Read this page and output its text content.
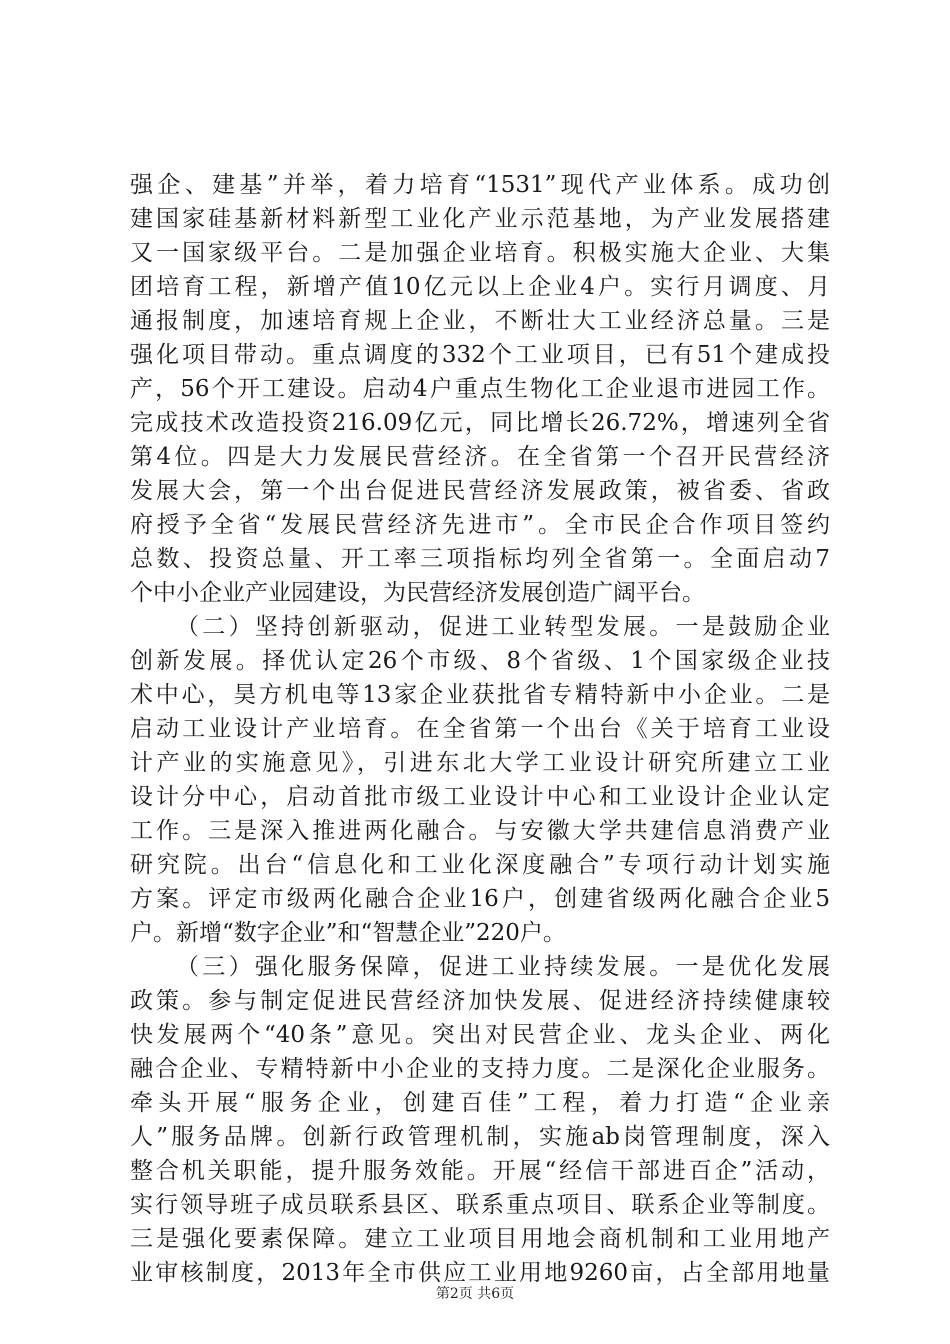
强企、建基”并举，着力培育“1531”现代产业体系。成功创
建国家硅基新材料新型工业化产业示范基地，为产业发展搭建
又一国家级平台。二是加强企业培育。积极实施大企业、大集
团培育工程，新增产值10亿元以上企业4户。实行月调度、月
通报制度，加速培育规上企业，不断壮大工业经济总量。三是
强化项目带动。重点调度的332个工业项目，已有51个建成投
产，56个开工建设。启动4户重点生物化工企业退市进园工作。
完成技术改造投资216.09亿元，同比增长26.72%，增速列全省
第4位。四是大力发展民营经济。在全省第一个召开民营经济
发展大会，第一个出台促进民营经济发展政策，被省委、省政
府授予全省“发展民营经济先进市”。全市民企合作项目签约
总数、投资总量、开工率三项指标均列全省第一。全面启动7
个中小企业产业园建设，为民营经济发展创造广阔平台。
（二）坚持创新驱动，促进工业转型发展。一是鼓励企业
创新发展。择优认定26个市级、8个省级、1个国家级企业技
术中心，昊方机电等13家企业获批省专精特新中小企业。二是
启动工业设计产业培育。在全省第一个出台《关于培育工业设
计产业的实施意见》，引进东北大学工业设计研究所建立工业
设计分中心，启动首批市级工业设计中心和工业设计企业认定
工作。三是深入推进两化融合。与安徽大学共建信息消费产业
研究院。出台“信息化和工业化深度融合”专项行动计划实施
方案。评定市级两化融合企业16户，创建省级两化融合企业5
户。新增“数字企业”和“智慧企业”220户。
（三）强化服务保障，促进工业持续发展。一是优化发展
政策。参与制定促进民营经济加快发展、促进经济持续健康较
快发展两个“40条”意见。突出对民营企业、龙头企业、两化
融合企业、专精特新中小企业的支持力度。二是深化企业服务。
牵头开展“服务企业，创建百佳”工程，着力打造“企业亲
人”服务品牌。创新行政管理机制，实施ab岗管理制度，深入
整合机关职能，提升服务效能。开展“经信干部进百企”活动，
实行领导班子成员联系县区、联系重点项目、联系企业等制度。
三是强化要素保障。建立工业项目用地会商机制和工业用地产
业审核制度，2013年全市供应工业用地9260亩，占全部用地量
第2页 共6页
